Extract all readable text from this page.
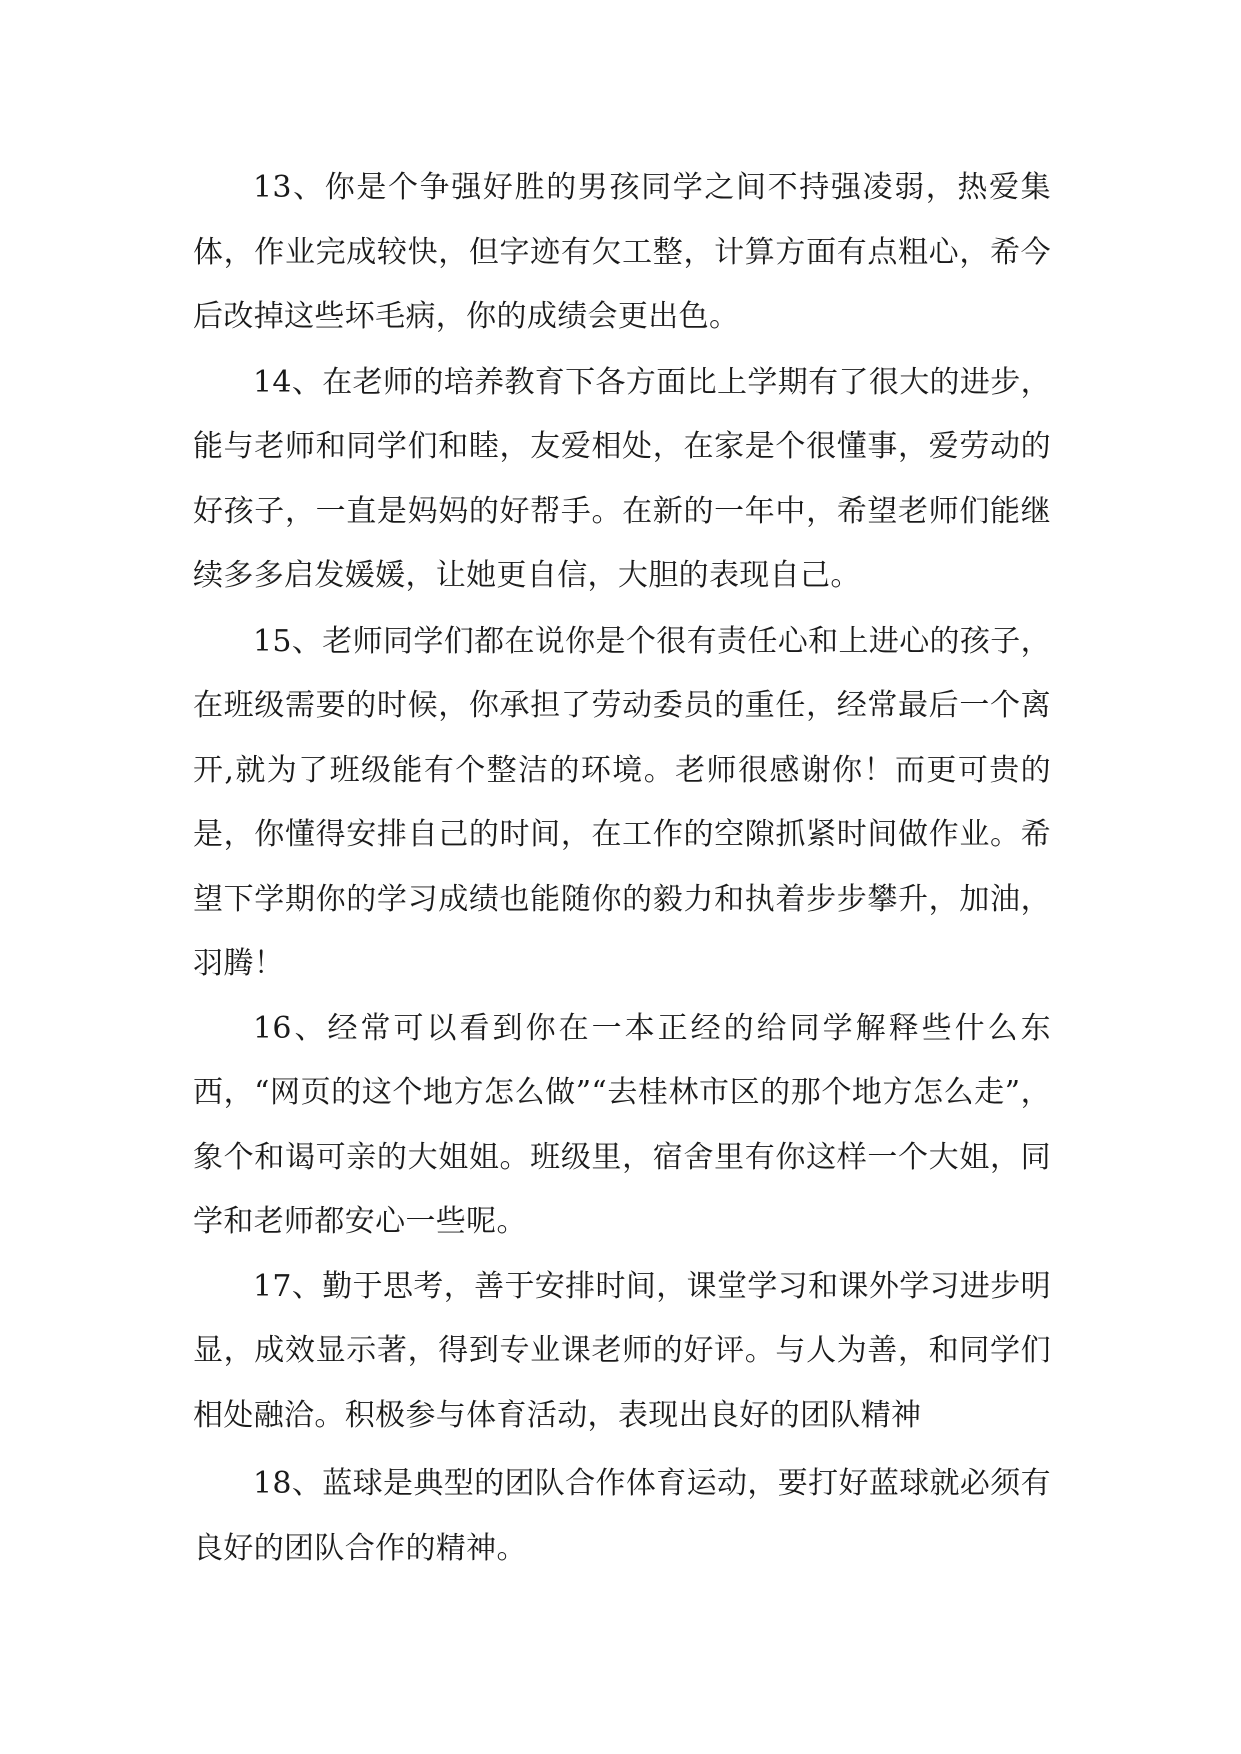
13、你是个争强好胜的男孩同学之间不持强凌弱，热爱集体，作业完成较快，但字迹有欠工整，计算方面有点粗心，希今后改掉这些坏毛病，你的成绩会更出色。

14、在老师的培养教育下各方面比上学期有了很大的进步，能与老师和同学们和睦，友爱相处，在家是个很懂事，爱劳动的好孩子，一直是妈妈的好帮手。在新的一年中，希望老师们能继续多多启发媛媛，让她更自信，大胆的表现自己。

15、老师同学们都在说你是个很有责任心和上进心的孩子，在班级需要的时候，你承担了劳动委员的重任，经常最后一个离开,就为了班级能有个整洁的环境。老师很感谢你！而更可贵的是，你懂得安排自己的时间，在工作的空隙抓紧时间做作业。希望下学期你的学习成绩也能随你的毅力和执着步步攀升，加油，羽腾！

16、经常可以看到你在一本正经的给同学解释些什么东西，“网页的这个地方怎么做”“去桂林市区的那个地方怎么走”，象个和谒可亲的大姐姐。班级里，宿舍里有你这样一个大姐，同学和老师都安心一些呢。

17、勤于思考，善于安排时间，课堂学习和课外学习进步明显，成效显示著，得到专业课老师的好评。与人为善，和同学们相处融洽。积极参与体育活动，表现出良好的团队精神

18、蓝球是典型的团队合作体育运动，要打好蓝球就必须有良好的团队合作的精神。
